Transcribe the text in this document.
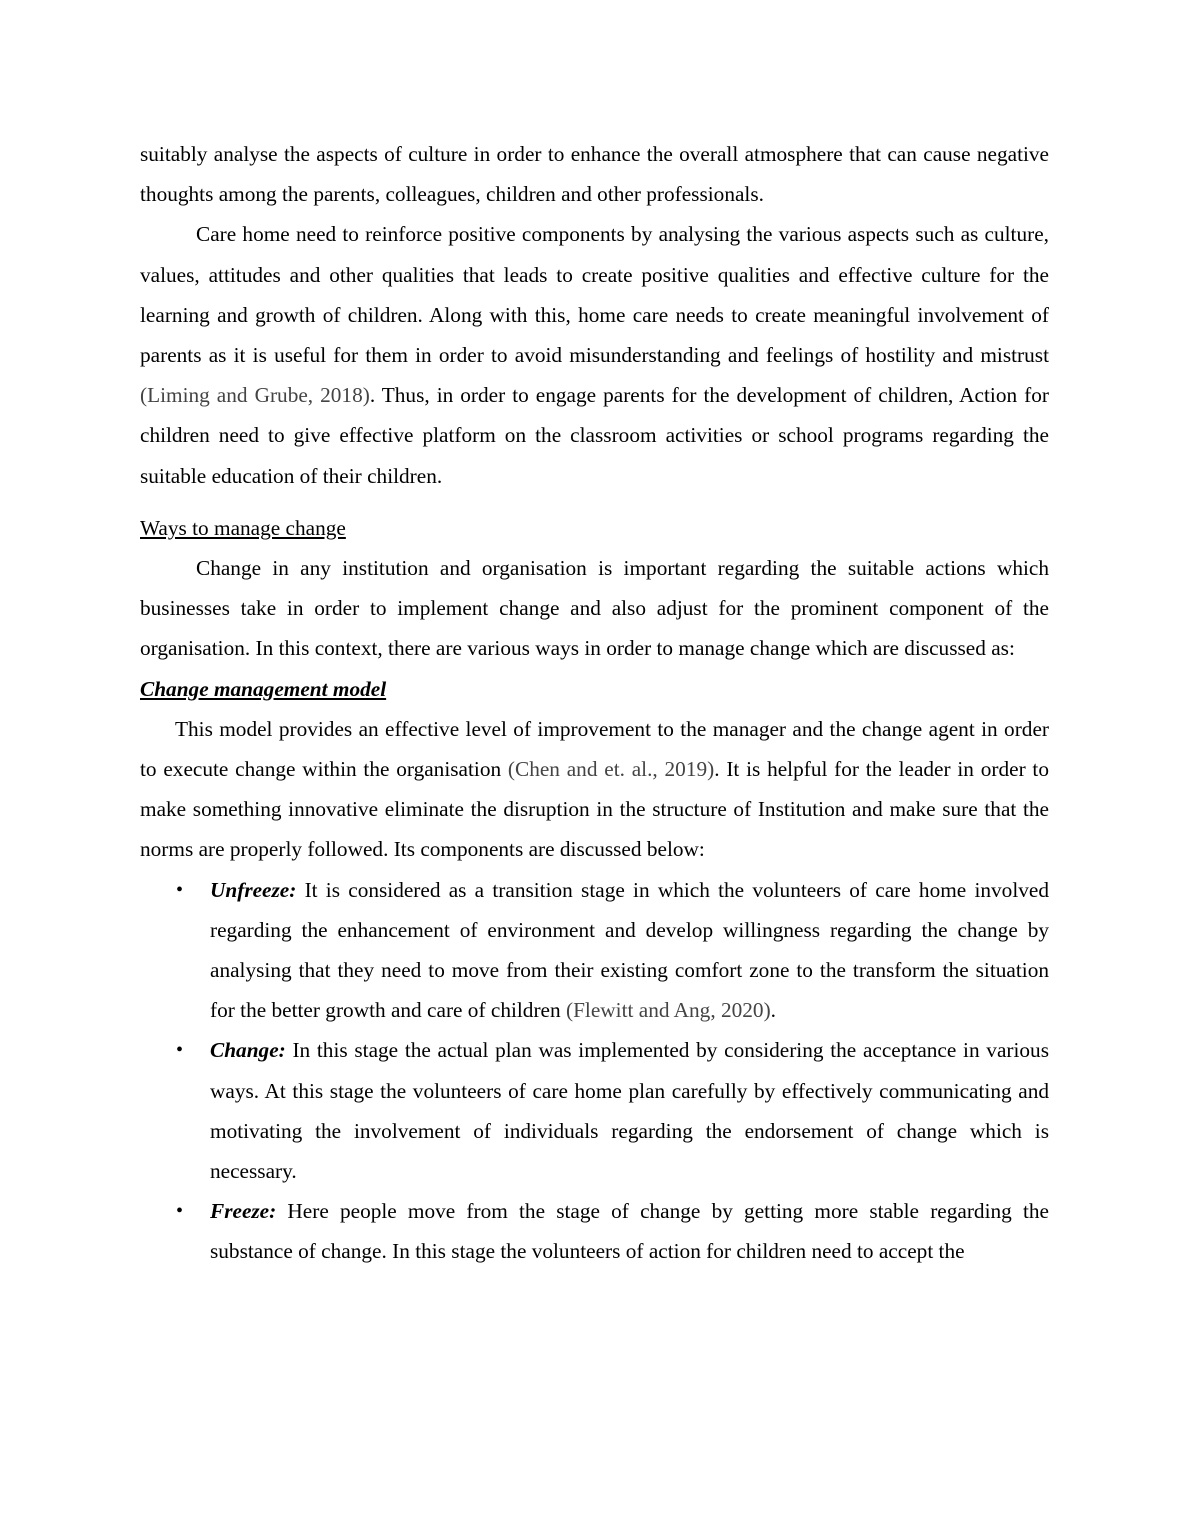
suitably analyse the aspects of culture in order to enhance the overall atmosphere that can cause negative thoughts among the parents, colleagues, children and other professionals.

Care home need to reinforce positive components by analysing the various aspects such as culture, values, attitudes and other qualities that leads to create positive qualities and effective culture for the learning and growth of children. Along with this, home care needs to create meaningful involvement of parents as it is useful for them in order to avoid misunderstanding and feelings of hostility and mistrust (Liming and Grube, 2018). Thus, in order to engage parents for the development of children, Action for children need to give effective platform on the classroom activities or school programs regarding the suitable education of their children.

Ways to manage change

Change in any institution and organisation is important regarding the suitable actions which businesses take in order to implement change and also adjust for the prominent component of the organisation. In this context, there are various ways in order to manage change which are discussed as:

Change management model

This model provides an effective level of improvement to the manager and the change agent in order to execute change within the organisation (Chen and et. al., 2019). It is helpful for the leader in order to make something innovative eliminate the disruption in the structure of Institution and make sure that the norms are properly followed. Its components are discussed below:

• Unfreeze: It is considered as a transition stage in which the volunteers of care home involved regarding the enhancement of environment and develop willingness regarding the change by analysing that they need to move from their existing comfort zone to the transform the situation for the better growth and care of children (Flewitt and Ang, 2020).
• Change: In this stage the actual plan was implemented by considering the acceptance in various ways. At this stage the volunteers of care home plan carefully by effectively communicating and motivating the involvement of individuals regarding the endorsement of change which is necessary.
• Freeze: Here people move from the stage of change by getting more stable regarding the substance of change. In this stage the volunteers of action for children need to accept the
